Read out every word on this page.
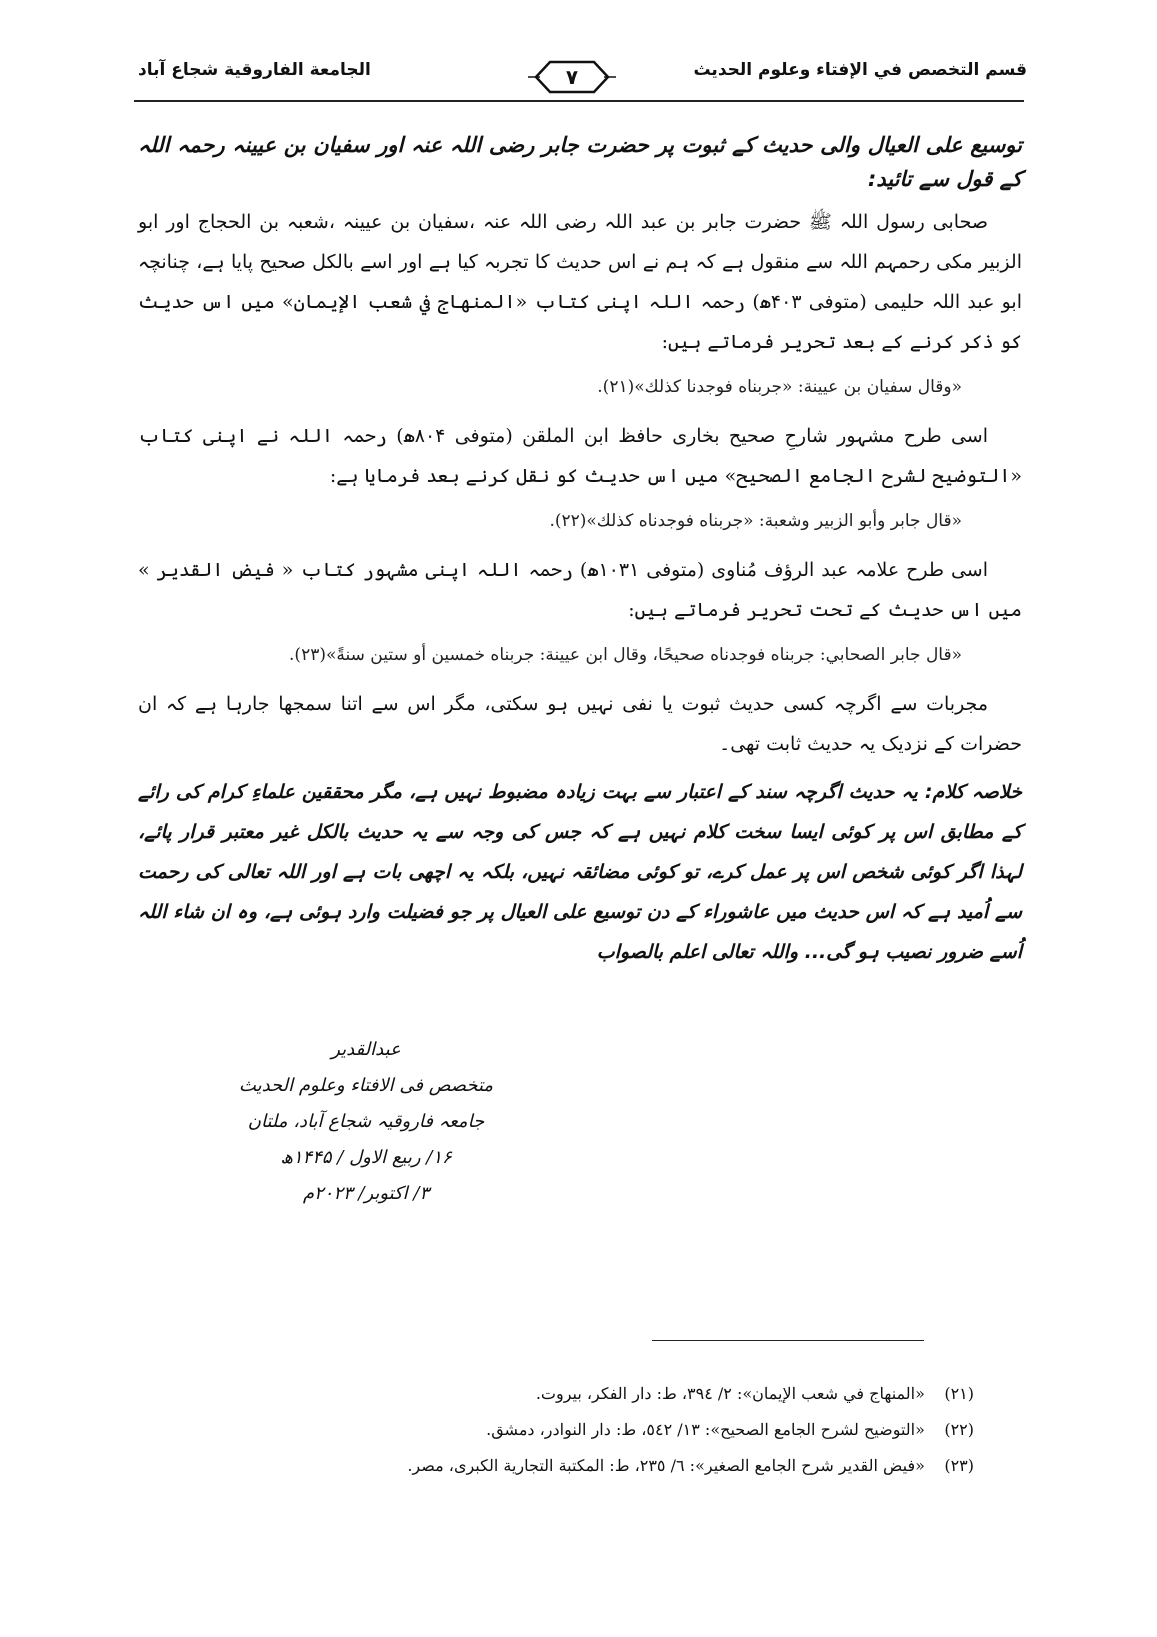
قسم التخصص في الإفتاء وعلوم الحديث
٧
الجامعة الفاروقية شجاع آباد
توسیع علی العیال والی حدیث کے ثبوت پر حضرت جابر رضی اللہ عنہ اور سفیان بن عیینہ رحمہ اللہ کے قول سے تائید:
صحابی رسول اللہ ﷺ حضرت جابر بن عبد اللہ رضی اللہ عنہ ،سفیان بن عیینہ ،شعبہ بن الحجاج اور ابو الزبیر مکی رحمہم اللہ سے منقول ہے کہ ہم نے اس حدیث کا تجربہ کیا ہے اور اسے بالکل صحیح پایا ہے، چنانچہ ابو عبد اللہ حلیمی (متوفی ۴۰۳ھ) رحمہ اللہ اپنی کتاب «المنهاج في شعب الإيمان» میں اس حدیث کو ذکر کرنے کے بعد تحریر فرماتے ہیں:
«وقال سفيان بن عيينة: «جربناه فوجدنا كذلك»(٢١).
اسی طرح مشہور شارحِ صحیح بخاری حافظ ابن الملقن (متوفی ۸۰۴ھ) رحمہ اللہ نے اپنی کتاب «التوضيح لشرح الجامع الصحيح» میں اس حدیث کو نقل کرنے بعد فرمایا ہے:
«قال جابر وأبو الزبير وشعبة: «جربناه فوجدناه كذلك»(٢٢).
اسی طرح علامہ عبد الرؤف مُناوی (متوفی ۱۰۳۱ھ) رحمہ اللہ اپنی مشہور کتاب « فيض القدير » میں اس حدیث کے تحت تحریر فرماتے ہیں:
«قال جابر الصحابي: جربناه فوجدناه صحيحًا، وقال ابن عيينة: جربناه خمسين أو ستين سنةً»(٢٣).
مجربات سے اگرچہ کسی حدیث ثبوت یا نفی نہیں ہو سکتی، مگر اس سے اتنا سمجھا جارہا ہے کہ ان حضرات کے نزدیک یہ حدیث ثابت تھی۔
خلاصہ کلام: یہ حدیث اگرچہ سند کے اعتبار سے بہت زیادہ مضبوط نہیں ہے، مگر محققین علماءِ کرام کی رائے کے مطابق اس پر کوئی ایسا سخت کلام نہیں ہے کہ جس کی وجہ سے یہ حدیث بالکل غیر معتبر قرار پائے، لہذا اگر کوئی شخص اس پر عمل کرے، تو کوئی مضائقہ نہیں، بلکہ یہ اچھی بات ہے اور اللہ تعالی کی رحمت سے اُمید ہے کہ اس حدیث میں عاشوراء کے دن توسیع علی العیال پر جو فضیلت وارد ہوئی ہے، وہ ان شاء اللہ اُسے ضرور نصیب ہو گی... واللہ تعالی اعلم بالصواب
عبدالقدیر
متخصص فی الافتاء وعلوم الحدیث
جامعہ فاروقیہ شجاع آباد، ملتان
۱۶/ ربیع الاول / ۱۴۴۵ھ
۳/ اکتوبر/ ۲۰۲۳م
(٢١) «المنهاج في شعب الإيمان»: ٢/ ٣٩٤، ط: دار الفكر، بيروت.
(٢٢) «التوضيح لشرح الجامع الصحيح»: ١٣/ ٥٤٢، ط: دار النوادر، دمشق.
(٢٣) «فيض القدير شرح الجامع الصغير»: ٦/ ٢٣٥، ط: المكتبة التجارية الكبرى، مصر.
